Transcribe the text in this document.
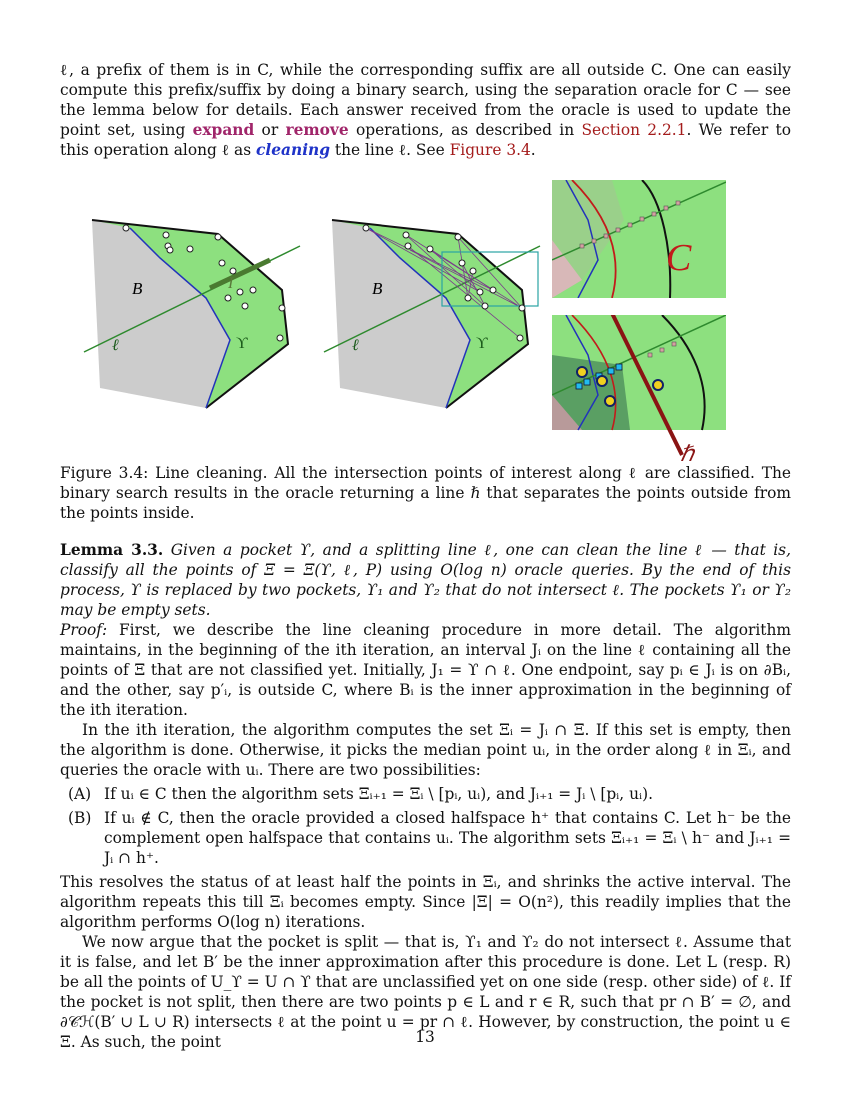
ℓ, a prefix of them is in C, while the corresponding suffix are all outside C. One can easily compute this prefix/suffix by doing a binary search, using the separation oracle for C — see the lemma below for details. Each answer received from the oracle is used to update the point set, using expand or remove operations, as described in Section 2.2.1. We refer to this operation along ℓ as cleaning the line ℓ. See Figure 3.4.

B	I
ϒ
ℓ
B
ϒ
ℓ
C
ℏ

Figure 3.4: Line cleaning. All the intersection points of interest along ℓ are classified. The binary search results in the oracle returning a line ℏ that separates the points outside from the points inside.

Lemma 3.3. Given a pocket ϒ, and a splitting line ℓ, one can clean the line ℓ — that is, classify all the points of Ξ = Ξ(ϒ, ℓ, P) using O(log n) oracle queries. By the end of this process, ϒ is replaced by two pockets, ϒ₁ and ϒ₂ that do not intersect ℓ. The pockets ϒ₁ or ϒ₂ may be empty sets.

Proof: First, we describe the line cleaning procedure in more detail. The algorithm maintains, in the beginning of the ith iteration, an interval Jᵢ on the line ℓ containing all the points of Ξ that are not classified yet. Initially, J₁ = ϒ ∩ ℓ. One endpoint, say pᵢ ∈ Jᵢ is on ∂Bᵢ, and the other, say p′ᵢ, is outside C, where Bᵢ is the inner approximation in the beginning of the ith iteration.

In the ith iteration, the algorithm computes the set Ξᵢ = Jᵢ ∩ Ξ. If this set is empty, then the algorithm is done. Otherwise, it picks the median point uᵢ, in the order along ℓ in Ξᵢ, and queries the oracle with uᵢ. There are two possibilities:

(A) If uᵢ ∈ C then the algorithm sets Ξᵢ₊₁ = Ξᵢ \ [pᵢ, uᵢ), and Jᵢ₊₁ = Jᵢ \ [pᵢ, uᵢ).
(B) If uᵢ ∉ C, then the oracle provided a closed halfspace h⁺ that contains C. Let h⁻ be the complement open halfspace that contains uᵢ. The algorithm sets Ξᵢ₊₁ = Ξᵢ \ h⁻ and Jᵢ₊₁ = Jᵢ ∩ h⁺.

This resolves the status of at least half the points in Ξᵢ, and shrinks the active interval. The algorithm repeats this till Ξᵢ becomes empty. Since |Ξ| = O(n²), this readily implies that the algorithm performs O(log n) iterations.

We now argue that the pocket is split — that is, ϒ₁ and ϒ₂ do not intersect ℓ. Assume that it is false, and let B′ be the inner approximation after this procedure is done. Let L (resp. R) be all the points of U_ϒ = U ∩ ϒ that are unclassified yet on one side (resp. other side) of ℓ. If the pocket is not split, then there are two points p ∈ L and r ∈ R, such that pr ∩ B′ = ∅, and ∂𝒞ℋ(B′ ∪ L ∪ R) intersects ℓ at the point u = pr ∩ ℓ. However, by construction, the point u ∈ Ξ. As such, the point	13
